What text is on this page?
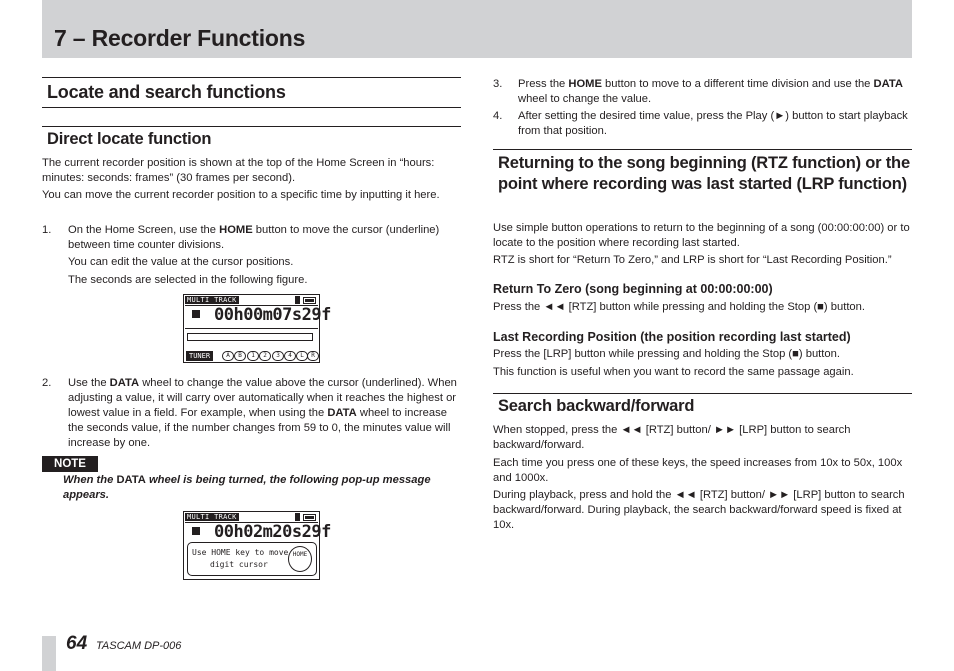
7 – Recorder Functions
Locate and search functions
Direct locate function
The current recorder position is shown at the top of the Home Screen in “hours: minutes: seconds: frames” (30 frames per second).
You can move the current recorder position to a specific time by inputting it here.
1. On the Home Screen, use the HOME button to move the cursor (underline) between time counter divisions.
You can edit the value at the cursor positions.
The seconds are selected in the following figure.
MULTI TRACK
00h00m07s29f
TUNER	A	B	1	2	3	4	L	R
2. Use the DATA wheel to change the value above the cursor (underlined). When adjusting a value, it will carry over automatically when it reaches the highest or lowest value in a field. For example, when using the DATA wheel to increase the seconds value, if the number changes from 59 to 0, the minutes value will increase by one.
NOTE
When the DATA wheel is being turned, the following pop-up message appears.
MULTI TRACK
00h02m20s29f
Use HOME key to move
digit cursor
HOME
3. Press the HOME button to move to a different time division and use the DATA wheel to change the value.
4. After setting the desired time value, press the Play (►) button to start playback from that position.
Returning to the song beginning (RTZ function) or the point where recording was last started (LRP function)
Use simple button operations to return to the beginning of a song (00:00:00:00) or to locate to the position where recording last started.
RTZ is short for “Return To Zero,” and LRP is short for “Last Recording Position.”
Return To Zero (song beginning at 00:00:00:00)
Press the ◄◄ [RTZ] button while pressing and holding the Stop (■) button.
Last Recording Position (the position recording last started)
Press the [LRP] button while pressing and holding the Stop (■) button.
This function is useful when you want to record the same passage again.
Search backward/forward
When stopped, press the ◄◄ [RTZ] button/ ►► [LRP] button to search backward/forward.
Each time you press one of these keys, the speed increases from 10x to 50x, 100x and 1000x.
During playback, press and hold the ◄◄ [RTZ] button/ ►► [LRP] button to search backward/forward. During playback, the search backward/forward speed is fixed at 10x.
64 TASCAM DP-006
